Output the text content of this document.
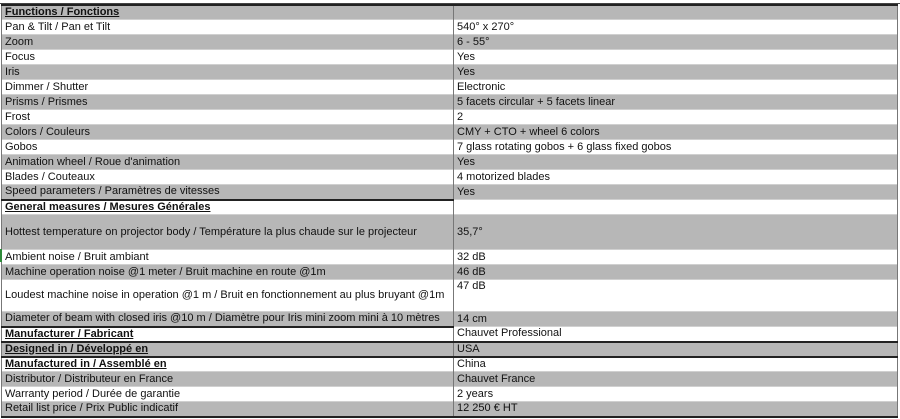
Functions / Fonctions	
Pan & Tilt / Pan et Tilt	540° x 270°
Zoom	6 - 55°
Focus	Yes
Iris	Yes
Dimmer / Shutter	Electronic
Prisms / Prismes	5 facets circular + 5 facets linear
Frost	2
Colors / Couleurs	CMY + CTO + wheel 6 colors
Gobos	7 glass rotating gobos + 6 glass fixed gobos
Animation wheel / Roue d'animation	Yes
Blades / Couteaux	4 motorized blades
Speed parameters / Paramètres de vitesses	Yes
General measures / Mesures Générales	
Hottest temperature on projector body / Température la plus chaude sur le projecteur	35,7°
Ambient noise / Bruit ambiant	32 dB
Machine operation noise @1 meter / Bruit machine en route @1m	46 dB
Loudest machine noise in operation @1 m / Bruit en fonctionnement au plus bruyant @1m	47 dB
Diameter of beam with closed iris @10 m / Diamètre pour Iris mini zoom mini à 10 mètres	14 cm
Manufacturer / Fabricant	Chauvet Professional
Designed in / Développé en	USA
Manufactured in / Assemblé en	China
Distributor / Distributeur en France	Chauvet France
Warranty period / Durée de garantie	2 years
Retail list price / Prix Public indicatif	12 250 € HT
